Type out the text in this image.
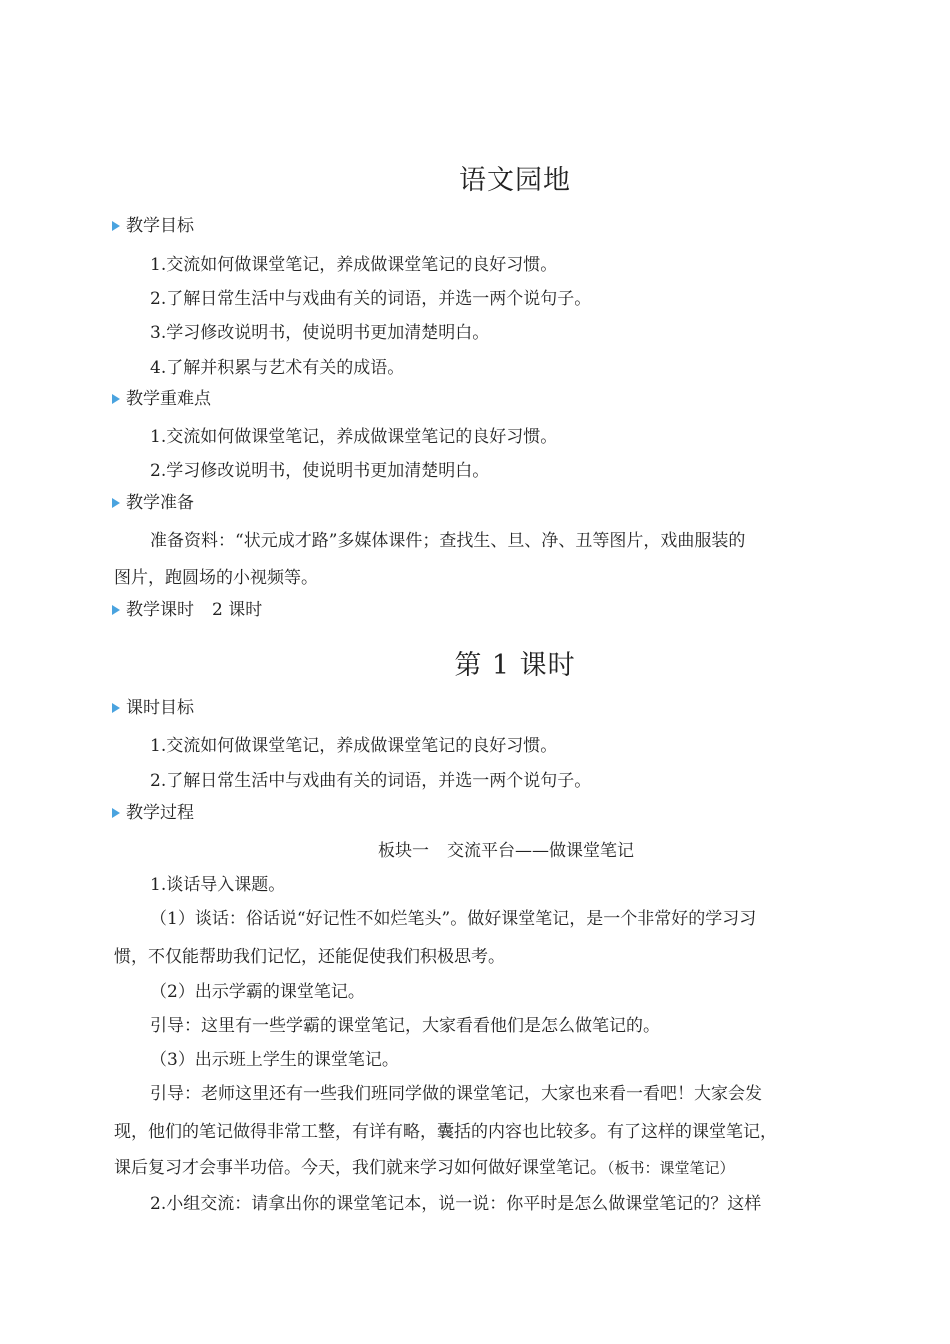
语文园地
教学目标
1.交流如何做课堂笔记，养成做课堂笔记的良好习惯。
2.了解日常生活中与戏曲有关的词语，并选一两个说句子。
3.学习修改说明书，使说明书更加清楚明白。
4.了解并积累与艺术有关的成语。
教学重难点
1.交流如何做课堂笔记，养成做课堂笔记的良好习惯。
2.学习修改说明书，使说明书更加清楚明白。
教学准备
准备资料：“状元成才路”多媒体课件；查找生、旦、净、丑等图片，戏曲服装的
图片，跑圆场的小视频等。
教学课时 2 课时
第 1 课时
课时目标
1.交流如何做课堂笔记，养成做课堂笔记的良好习惯。
2.了解日常生活中与戏曲有关的词语，并选一两个说句子。
教学过程
板块一 交流平台——做课堂笔记
1.谈话导入课题。
（1）谈话：俗话说“好记性不如烂笔头”。做好课堂笔记，是一个非常好的学习习
惯，不仅能帮助我们记忆，还能促使我们积极思考。
（2）出示学霸的课堂笔记。
引导：这里有一些学霸的课堂笔记，大家看看他们是怎么做笔记的。
（3）出示班上学生的课堂笔记。
引导：老师这里还有一些我们班同学做的课堂笔记，大家也来看一看吧！大家会发
现，他们的笔记做得非常工整，有详有略，囊括的内容也比较多。有了这样的课堂笔记，
课后复习才会事半功倍。今天，我们就来学习如何做好课堂笔记。（板书：课堂笔记）
2.小组交流：请拿出你的课堂笔记本，说一说：你平时是怎么做课堂笔记的？这样
